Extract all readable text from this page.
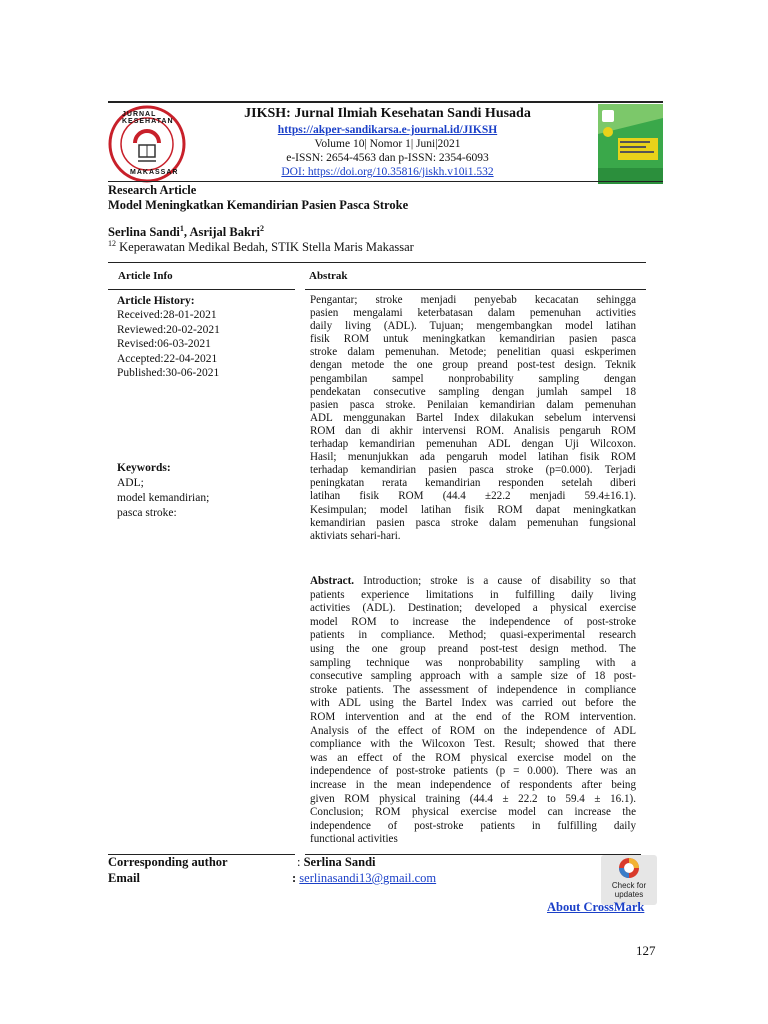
JURNAL KESEHATAN
MAKASSAR
JIKSH: Jurnal Ilmiah Kesehatan Sandi Husada
https://akper-sandikarsa.e-journal.id/JIKSH
Volume 10| Nomor 1| Juni|2021
e-ISSN: 2654-4563 dan p-ISSN: 2354-6093
DOI: https://doi.org/10.35816/jiskh.v10i1.532
Research Article
Model Meningkatkan Kemandirian Pasien Pasca Stroke
Serlina Sandi$^1$, Asrijal Bakri$^2$
$^{12}$ Keperawatan Medikal Bedah, STIK Stella Maris Makassar
Article Info	Abstrak
Article History:
Received:28-01-2021
Reviewed:20-02-2021
Revised:06-03-2021
Accepted:22-04-2021
Published:30-06-2021
Keywords:
ADL;
model kemandirian;
pasca stroke:
Pengantar; stroke menjadi penyebab kecacatan sehingga
pasien mengalami keterbatasan dalam pemenuhan activities
daily living (ADL). Tujuan; mengembangkan model latihan
fisik ROM untuk meningkatkan kemandirian pasien pasca
stroke dalam pemenuhan. Metode; penelitian quasi eskperimen
dengan metode the one group preand post-test design. Teknik
pengambilan sampel nonprobability sampling dengan
pendekatan consecutive sampling dengan jumlah sampel 18
pasien pasca stroke. Penilaian kemandirian dalam pemenuhan
ADL menggunakan Bartel Index dilakukan sebelum intervensi
ROM dan di akhir intervensi ROM. Analisis pengaruh ROM
terhadap kemandirian pemenuhan ADL dengan Uji Wilcoxon.
Hasil; menunjukkan ada pengaruh model latihan fisik ROM
terhadap kemandirian pasien pasca stroke (p=0.000). Terjadi
peningkatan rerata kemandirian responden setelah diberi
latihan fisik ROM (44.4 ±22.2 menjadi 59.4±16.1).
Kesimpulan; model latihan fisik ROM dapat meningkatkan
kemandirian pasien pasca stroke dalam pemenuhan fungsional
aktiviats sehari-hari.
Abstract. Introduction; stroke is a cause of disability so that
patients experience limitations in fulfilling daily living
activities (ADL). Destination; developed a physical exercise
model ROM to increase the independence of post-stroke
patients in compliance. Method; quasi-experimental research
using the one group preand post-test design method. The
sampling technique was nonprobability sampling with a
consecutive sampling approach with a sample size of 18 post-
stroke patients. The assessment of independence in compliance
with ADL using the Bartel Index was carried out before the
ROM intervention and at the end of the ROM intervention.
Analysis of the effect of ROM on the independence of ADL
compliance with the Wilcoxon Test. Result; showed that there
was an effect of the ROM physical exercise model on the
independence of post-stroke patients (p = 0.000). There was an
increase in the mean independence of respondents after being
given ROM physical training (44.4 ± 22.2 to 59.4 ± 16.1).
Conclusion; ROM physical exercise model can increase the
independence of post-stroke patients in fulfilling daily
functional activities
Corresponding author	: Serlina Sandi
Email	: serlinasandi13@gmail.com
Check for updates
About CrossMark
127
